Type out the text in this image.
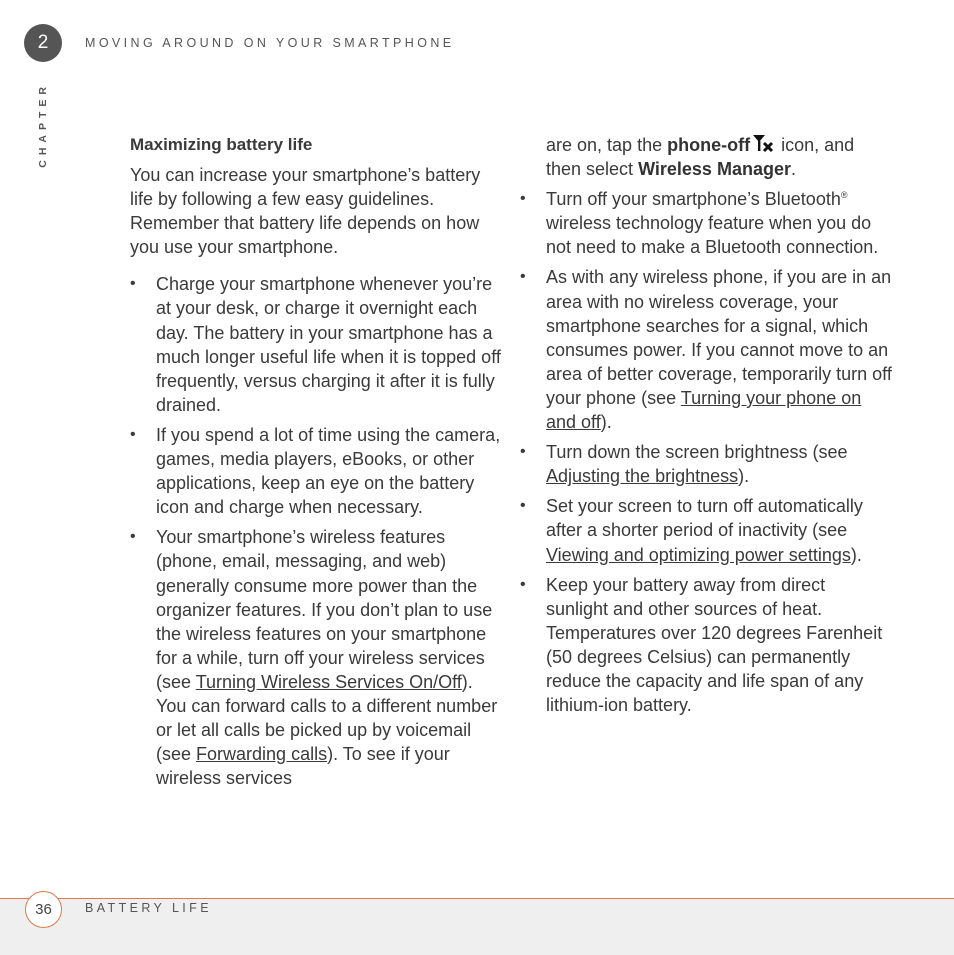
2	MOVING AROUND ON YOUR SMARTPHONE
CHAPTER	Maximizing battery life

You can increase your smartphone’s battery life by following a few easy guidelines. Remember that battery life depends on how you use your smartphone.

• Charge your smartphone whenever you’re at your desk, or charge it overnight each day. The battery in your smartphone has a much longer useful life when it is topped off frequently, versus charging it after it is fully drained.
• If you spend a lot of time using the camera, games, media players, eBooks, or other applications, keep an eye on the battery icon and charge when necessary.
• Your smartphone’s wireless features (phone, email, messaging, and web) generally consume more power than the organizer features. If you don’t plan to use the wireless features on your smartphone for a while, turn off your wireless services (see Turning Wireless Services On/Off). You can forward calls to a different number or let all calls be picked up by voicemail (see Forwarding calls). To see if your wireless services

are on, tap the phone-off icon, and then select Wireless Manager.

• Turn off your smartphone’s Bluetooth® wireless technology feature when you do not need to make a Bluetooth connection.
• As with any wireless phone, if you are in an area with no wireless coverage, your smartphone searches for a signal, which consumes power. If you cannot move to an area of better coverage, temporarily turn off your phone (see Turning your phone on and off).
• Turn down the screen brightness (see Adjusting the brightness).
• Set your screen to turn off automatically after a shorter period of inactivity (see Viewing and optimizing power settings).
• Keep your battery away from direct sunlight and other sources of heat. Temperatures over 120 degrees Farenheit (50 degrees Celsius) can permanently reduce the capacity and life span of any lithium-ion battery.
36	BATTERY LIFE
